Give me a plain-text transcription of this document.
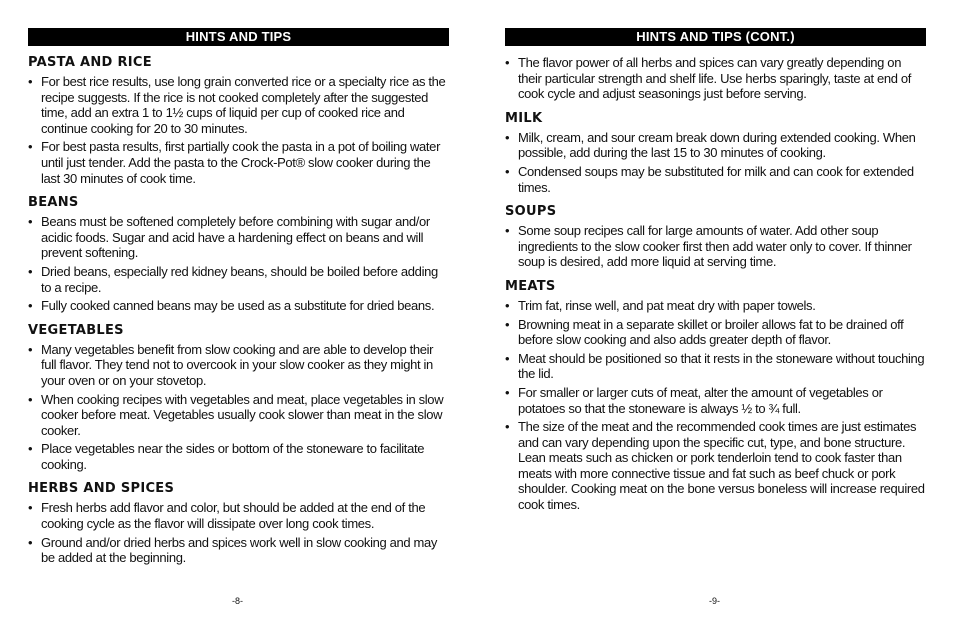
HINTS AND TIPS
PASTA AND RICE
• For best rice results, use long grain converted rice or a specialty rice as the recipe suggests. If the rice is not cooked completely after the suggested time, add an extra 1 to 1½ cups of liquid per cup of cooked rice and continue cooking for 20 to 30 minutes.
• For best pasta results, first partially cook the pasta in a pot of boiling water until just tender. Add the pasta to the Crock-Pot® slow cooker during the last 30 minutes of cook time.
BEANS
• Beans must be softened completely before combining with sugar and/or acidic foods. Sugar and acid have a hardening effect on beans and will prevent softening.
• Dried beans, especially red kidney beans, should be boiled before adding to a recipe.
• Fully cooked canned beans may be used as a substitute for dried beans.
VEGETABLES
• Many vegetables benefit from slow cooking and are able to develop their full flavor. They tend not to overcook in your slow cooker as they might in your oven or on your stovetop.
• When cooking recipes with vegetables and meat, place vegetables in slow cooker before meat. Vegetables usually cook slower than meat in the slow cooker.
• Place vegetables near the sides or bottom of the stoneware to facilitate cooking.
HERBS AND SPICES
• Fresh herbs add flavor and color, but should be added at the end of the cooking cycle as the flavor will dissipate over long cook times.
• Ground and/or dried herbs and spices work well in slow cooking and may be added at the beginning.
HINTS AND TIPS (CONT.)
• The flavor power of all herbs and spices can vary greatly depending on their particular strength and shelf life. Use herbs sparingly, taste at end of cook cycle and adjust seasonings just before serving.
MILK
• Milk, cream, and sour cream break down during extended cooking. When possible, add during the last 15 to 30 minutes of cooking.
• Condensed soups may be substituted for milk and can cook for extended times.
SOUPS
• Some soup recipes call for large amounts of water. Add other soup ingredients to the slow cooker first then add water only to cover. If thinner soup is desired, add more liquid at serving time.
MEATS
• Trim fat, rinse well, and pat meat dry with paper towels.
• Browning meat in a separate skillet or broiler allows fat to be drained off before slow cooking and also adds greater depth of flavor.
• Meat should be positioned so that it rests in the stoneware without touching the lid.
• For smaller or larger cuts of meat, alter the amount of vegetables or potatoes so that the stoneware is always ½ to ¾ full.
• The size of the meat and the recommended cook times are just estimates and can vary depending upon the specific cut, type, and bone structure. Lean meats such as chicken or pork tenderloin tend to cook faster than meats with more connective tissue and fat such as beef chuck or pork shoulder. Cooking meat on the bone versus boneless will increase required cook times.
-8-	-9-
